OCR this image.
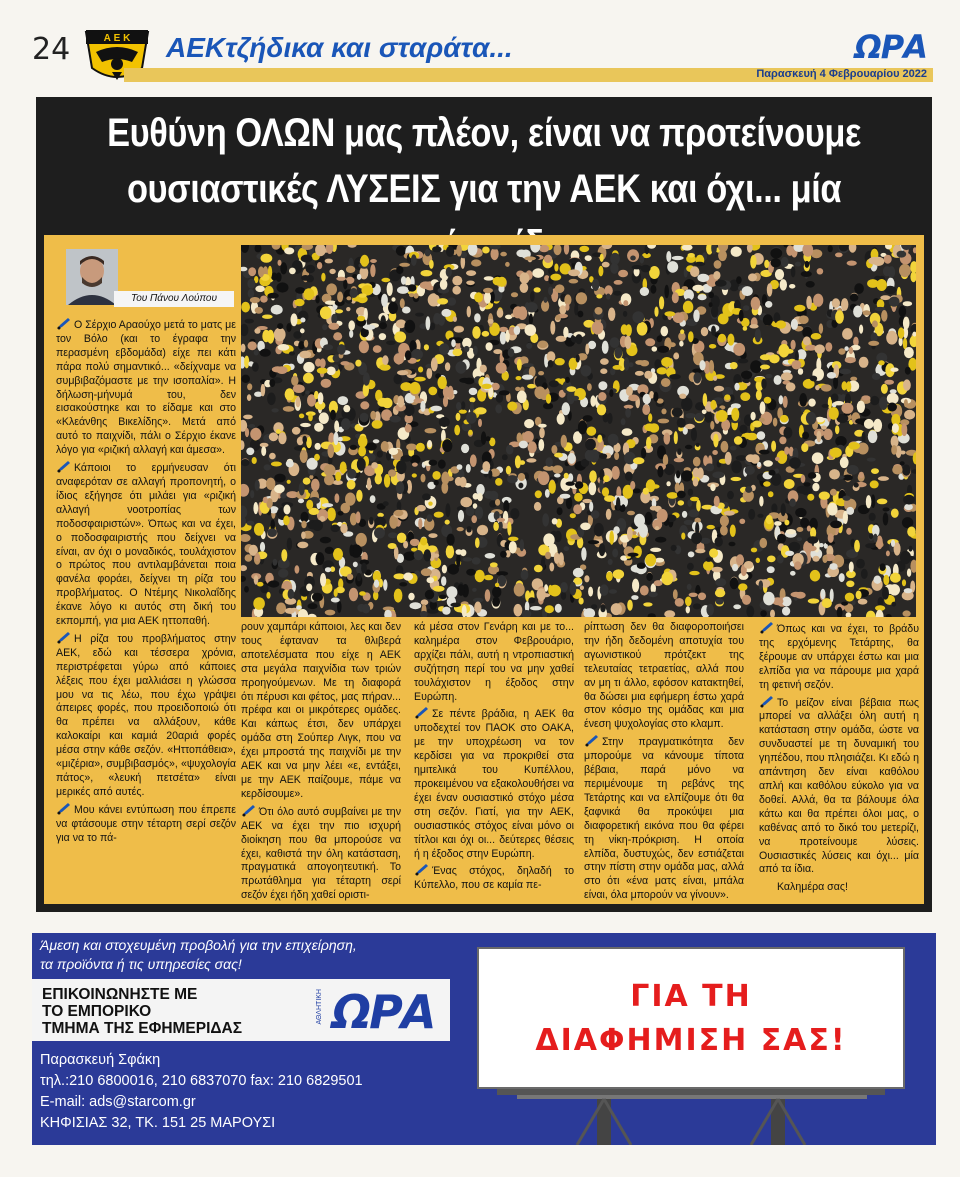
24	Α Ε Κ AEKτζήδικα και σταράτα...	ΩΡΑ
Παρασκευή 4 Φεβρουαρίου 2022
Ευθύνη ΟΛΩΝ μας πλέον, είναι να προτείνουμε
ουσιαστικές ΛΥΣΕΙΣ για την ΑΕΚ και όχι... μία
Του Πάνου Λούπου

Ο Σέρχιο Αραούχο μετά το ματς με τον Βόλο (και το έγραφα την περασμένη εβδομάδα) είχε πει κάτι πάρα πολύ σημαντικό... «δείχναμε να συμβιβαζόμαστε με την ισοπαλία». Η δήλωση-μήνυμά του, δεν εισακούστηκε και το είδαμε και στο «Κλεάνθης Βικελίδης». Μετά από αυτό το παιχνίδι, πάλι ο Σέρχιο έκανε λόγο για «ριζική αλλαγή και άμεσα».

Κάποιοι το ερμήνευσαν ότι αναφερόταν σε αλλαγή προπονητή, ο ίδιος εξήγησε ότι μιλάει για «ριζική αλλαγή νοοτροπίας των ποδοσφαιριστών». Όπως και να έχει, ο ποδοσφαιριστής που δείχνει να είναι, αν όχι ο μοναδικός, τουλάχιστον ο πρώτος που αντιλαμβάνεται ποια φανέλα φοράει, δείχνει τη ρίζα του προβλήματος. Ο Ντέμης Νικολαΐδης έκανε λόγο κι αυτός στη δική του εκπομπή, για μια ΑΕΚ ηττοπαθή.

Η ρίζα του προβλήματος στην ΑΕΚ, εδώ και τέσσερα χρόνια, περιστρέφεται γύρω από κάποιες λέξεις που έχει μαλλιάσει η γλώσσα μου να τις λέω, που έχω γράψει άπειρες φορές, που προειδοποιώ ότι θα πρέπει να αλλάξουν, κάθε καλοκαίρι και καμιά 20αριά φορές μέσα στην κάθε σεζόν. «Ηττοπάθεια», «μιζέρια», συμβιβασμός», «ψυχολογία πάτος», «λευκή πετσέτα» είναι μερικές από αυτές.

Μου κάνει εντύπωση που έπρεπε να φτάσουμε στην τέταρτη σερί σεζόν για να το πά-

ρουν χαμπάρι κάποιοι, λες και δεν τους έφταναν τα θλιβερά αποτελέσματα που είχε η ΑΕΚ στα μεγάλα παιχνίδια των τριών προηγούμενων. Με τη διαφορά ότι πέρυσι και φέτος, μας πήραν... πρέφα και οι μικρότερες ομάδες. Και κάπως έτσι, δεν υπάρχει ομάδα στη Σούπερ Λιγκ, που να έχει μπροστά της παιχνίδι με την ΑΕΚ και να μην λέει «ε, εντάξει, με την ΑΕΚ παίζουμε, πάμε να κερδίσουμε».

Ότι όλο αυτό συμβαίνει με την ΑΕΚ να έχει την πιο ισχυρή διοίκηση που θα μπορούσε να έχει, καθιστά την όλη κατάσταση, πραγματικά απογοητευτική. Το πρωτάθλημα για τέταρτη σερί σεζόν έχει ήδη χαθεί οριστι-

κά μέσα στον Γενάρη και με το... καλημέρα στον Φεβρουάριο, αρχίζει πάλι, αυτή η ντροπιαστική συζήτηση περί του να μην χαθεί τουλάχιστον η έξοδος στην Ευρώπη.

Σε πέντε βράδια, η ΑΕΚ θα υποδεχτεί τον ΠΑΟΚ στο ΟΑΚΑ, με την υποχρέωση να τον κερδίσει για να προκριθεί στα ημιτελικά του Κυπέλλου, προκειμένου να εξακολουθήσει να έχει έναν ουσιαστικό στόχο μέσα στη σεζόν. Γιατί, για την ΑΕΚ, ουσιαστικός στόχος είναι μόνο οι τίτλοι και όχι οι... δεύτερες θέσεις ή η έξοδος στην Ευρώπη.

Ένας στόχος, δηλαδή το Κύπελλο, που σε καμία πε-

ρίπτωση δεν θα διαφοροποιήσει την ήδη δεδομένη αποτυχία του αγωνιστικού πρότζεκτ της τελευταίας τετραετίας, αλλά που αν μη τι άλλο, εφόσον κατακτηθεί, θα δώσει μια εφήμερη έστω χαρά στον κόσμο της ομάδας και μια ένεση ψυχολογίας στο κλαμπ.

Στην πραγματικότητα δεν μπορούμε να κάνουμε τίποτα βέβαια, παρά μόνο να περιμένουμε τη ρεβάνς της Τετάρτης και να ελπίζουμε ότι θα ξαφνικά θα προκύψει μια διαφορετική εικόνα που θα φέρει τη νίκη-πρόκριση. Η οποία ελπίδα, δυστυχώς, δεν εστιάζεται στην πίστη στην ομάδα μας, αλλά στο ότι «ένα ματς είναι, μπάλα είναι, όλα μπορούν να γίνουν».

Όπως και να έχει, το βράδυ της ερχόμενης Τετάρτης, θα ξέρουμε αν υπάρχει έστω και μια ελπίδα για να πάρουμε μια χαρά τη φετινή σεζόν.

Το μείζον είναι βέβαια πως μπορεί να αλλάξει όλη αυτή η κατάσταση στην ομάδα, ώστε να συνδυαστεί με τη δυναμική του γηπέδου, που πλησιάζει. Κι εδώ η απάντηση δεν είναι καθόλου απλή και καθόλου εύκολο για να δοθεί. Αλλά, θα τα βάλουμε όλα κάτω και θα πρέπει όλοι μας, ο καθένας από το δικό του μετερίζι, να προτείνουμε λύσεις. Ουσιαστικές λύσεις και όχι... μία από τα ίδια.

Καλημέρα σας!

Άμεση και στοχευμένη προβολή για την επιχείρηση,
τα προϊόντα ή τις υπηρεσίες σας!
ΕΠΙΚΟΙΝΩΝΗΣΤΕ ΜΕ
ΤΟ ΕΜΠΟΡΙΚΟ
ΤΜΗΜΑ ΤΗΣ ΕΦΗΜΕΡΙΔΑΣ
ΑΘΛΗΤΙΚΗ ΩΡΑ
Παρασκευή Σφάκη
τηλ.:210 6800016, 210 6837070 fax: 210 6829501
E-mail: ads@starcom.gr
ΚΗΦΙΣΙΑΣ 32, ΤΚ. 151 25 ΜΑΡΟΥΣΙ
ΓΙΑ ΤΗ
ΔΙΑΦΗΜΙΣΗ ΣΑΣ!
